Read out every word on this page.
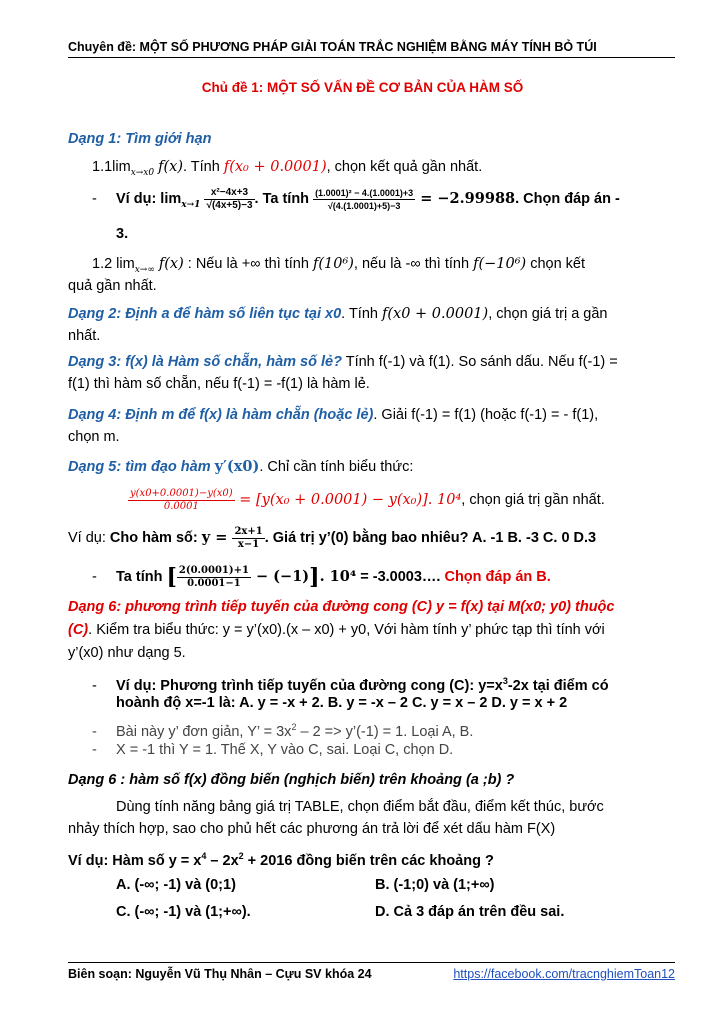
Chuyên đề: MỘT SỐ PHƯƠNG PHÁP GIẢI TOÁN TRẮC NGHIỆM BẰNG MÁY TÍNH BỎ TÚI
Chủ đề 1: MỘT SỐ VẤN ĐỀ CƠ BẢN CỦA HÀM SỐ
Dạng 1: Tìm giới hạn
$1.1\lim_{x\to x0}$ f(x). Tính f(x₀ + 0.0001), chọn kết quả gần nhất.
- Ví dụ: $\lim_{x\to 1} \frac{\text{x²−4x+3}}{√(4x+5)-3}$ . Ta tính $\frac{\text{(1.0001)² − 4.(1.0001)+3}}{√(4.(1.0001)+5)-3} = -2.99988$. Chọn đáp án -
3.
1.2 $\lim_{x\to\infty} f(x)$ : Nếu là +∞ thì tính f(10⁶), nếu là -∞ thì tính f(−10⁶) chọn kết
quả gần nhất.
Dạng 2: Định a để hàm số liên tục tại x0. Tính f(x0 + 0.0001), chọn giá trị a gần
nhất.
Dạng 3: f(x) là Hàm số chẵn, hàm số lẻ? Tính f(-1) và f(1). So sánh dấu. Nếu f(-1) =
f(1) thì hàm số chẵn, nếu f(-1) = -f(1) là hàm lẻ.
Dạng 4: Định m để f(x) là hàm chẵn (hoặc lẻ). Giải f(-1) = f(1) (hoặc f(-1) = - f(1),
chọn m.
Dạng 5: tìm đạo hàm y′(x0). Chỉ cần tính biểu thức:
$\frac{y(x0+0.0001)-y(x0)}{0.0001} = [y(x_0 + 0.0001) - y(x_0)]$. 10⁴, chọn giá trị gần nhất.
Ví dụ: Cho hàm số: $y = \frac{2x+1}{x-1}$ . Giá trị y’(0) bằng bao nhiêu? A. -1 B. -3 C. 0 D.3
- Ta tính [ $\frac{2(0.0001)+1}{0.0001-1} - (-1)$]. 10⁴ = -3.0003…. Chọn đáp án B.
Dạng 6: phương trình tiếp tuyến của đường cong (C) y = f(x) tại M(x0; y0) thuộc
(C). Kiểm tra biểu thức: y = y’(x0).(x – x0) + y0, Với hàm tính y’ phức tạp thì tính với
y’(x0) như dạng 5.
- Ví dụ: Phương trình tiếp tuyến của đường cong (C): $y=x^3-2x$ tại điểm có
hoành độ x=-1 là: A. y = -x + 2. B. y = -x – 2 C. y = x – 2 D. y = x + 2
- Bài này y’ đơn giản, Y’ = $3x^2 - 2$ => y’(-1) = 1. Loại A, B.
- X = -1 thì Y = 1. Thế X, Y vào C, sai. Loại C, chọn D.
Dạng 6 : hàm số f(x) đồng biến (nghịch biến) trên khoảng (a ;b) ?
Dùng tính năng bảng giá trị TABLE, chọn điểm bắt đầu, điểm kết thúc, bước
nhảy thích hợp, sao cho phủ hết các phương án trả lời để xét dấu hàm F(X)
Ví dụ: Hàm số $y = x^4 - 2x^2 + 2016$ đồng biến trên các khoảng ?
A. (-∞; -1) và (0;1)	B. (-1;0) và (1;+∞)
C. (-∞; -1) và (1;+∞).	D. Cả 3 đáp án trên đều sai.
Biên soạn: Nguyễn Vũ Thụ Nhân – Cựu SV khóa 24	https://facebook.com/tracnghiemToan12
